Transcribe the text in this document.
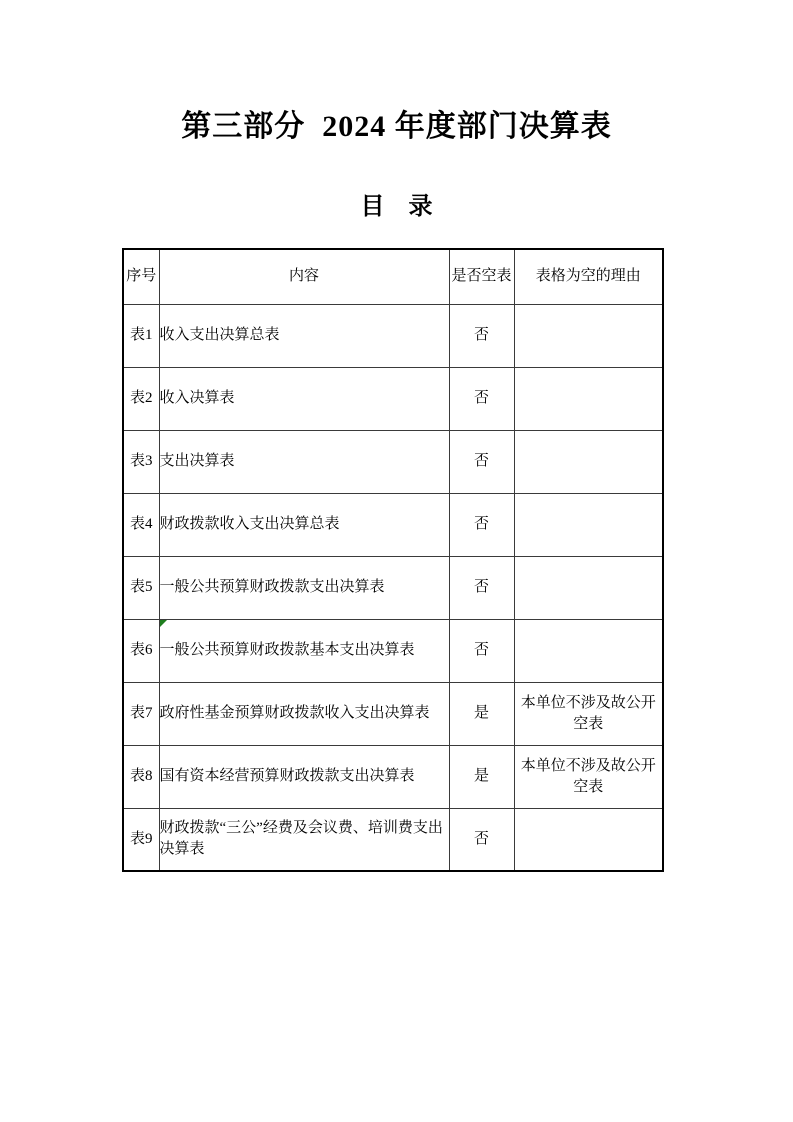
第三部分  2024 年度部门决算表
目　录
序号	内容	是否空表	表格为空的理由
表1	收入支出决算总表	否	
表2	收入决算表	否	
表3	支出决算表	否	
表4	财政拨款收入支出决算总表	否	
表5	一般公共预算财政拨款支出决算表	否	
表6	一般公共预算财政拨款基本支出决算表	否	
表7	政府性基金预算财政拨款收入支出决算表	是	本单位不涉及故公开空表
表8	国有资本经营预算财政拨款支出决算表	是	本单位不涉及故公开空表
表9	财政拨款“三公”经费及会议费、培训费支出决算表	否	
